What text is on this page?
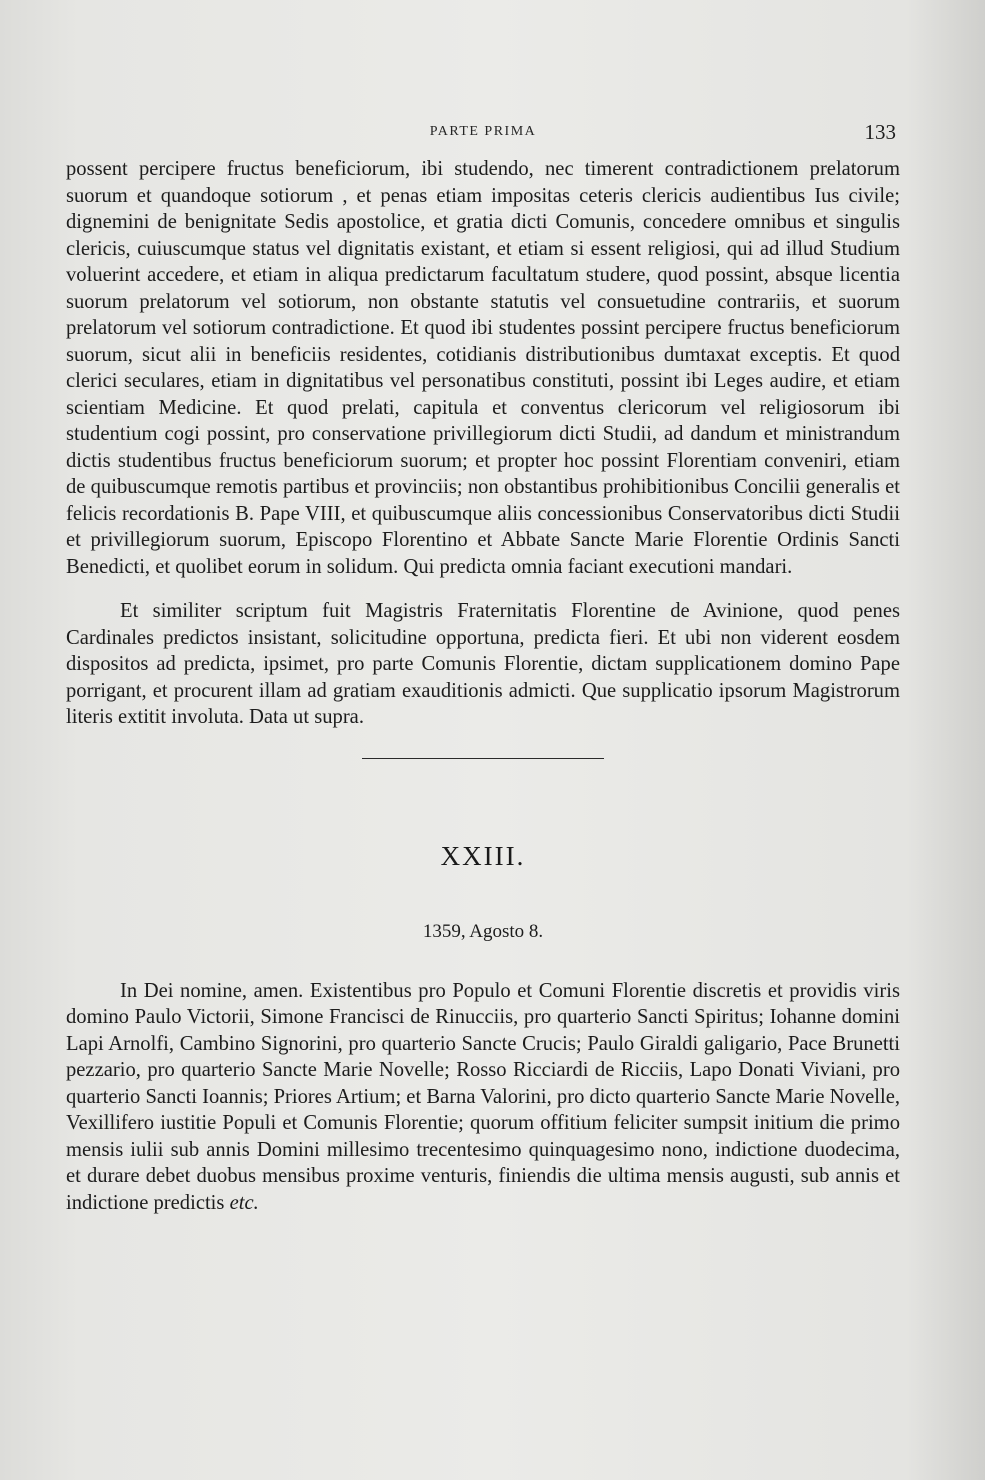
PARTE PRIMA	133

possent percipere fructus beneficiorum, ibi studendo, nec timerent contradictionem prelatorum suorum et quandoque sotiorum , et penas etiam impositas ceteris clericis audientibus Ius civile; dignemini de benignitate Sedis apostolice, et gratia dicti Comunis, concedere omnibus et singulis clericis, cuiuscumque status vel dignitatis existant, et etiam si essent religiosi, qui ad illud Studium voluerint accedere, et etiam in aliqua predictarum facultatum studere, quod possint, absque licentia suorum prelatorum vel sotiorum, non obstante statutis vel consuetudine contrariis, et suorum prelatorum vel sotiorum contradictione. Et quod ibi studentes possint percipere fructus beneficiorum suorum, sicut alii in beneficiis residentes, cotidianis distributionibus dumtaxat exceptis. Et quod clerici seculares, etiam in dignitatibus vel personatibus constituti, possint ibi Leges audire, et etiam scientiam Medicine. Et quod prelati, capitula et conventus clericorum vel religiosorum ibi studentium cogi possint, pro conservatione privillegiorum dicti Studii, ad dandum et ministrandum dictis studentibus fructus beneficiorum suorum; et propter hoc possint Florentiam conveniri, etiam de quibuscumque remotis partibus et provinciis; non obstantibus prohibitionibus Concilii generalis et felicis recordationis B. Pape VIII, et quibuscumque aliis concessionibus Conservatoribus dicti Studii et privillegiorum suorum, Episcopo Florentino et Abbate Sancte Marie Florentie Ordinis Sancti Benedicti, et quolibet eorum in solidum. Qui predicta omnia faciant executioni mandari.

Et similiter scriptum fuit Magistris Fraternitatis Florentine de Avinione, quod penes Cardinales predictos insistant, solicitudine opportuna, predicta fieri. Et ubi non viderent eosdem dispositos ad predicta, ipsimet, pro parte Comunis Florentie, dictam supplicationem domino Pape porrigant, et procurent illam ad gratiam exauditionis admicti. Que supplicatio ipsorum Magistrorum literis extitit involuta. Data ut supra.

XXIII.
1359, Agosto 8.

In Dei nomine, amen. Existentibus pro Populo et Comuni Florentie discretis et providis viris domino Paulo Victorii, Simone Francisci de Rinucciis, pro quarterio Sancti Spiritus; Iohanne domini Lapi Arnolfi, Cambino Signorini, pro quarterio Sancte Crucis; Paulo Giraldi galigario, Pace Brunetti pezzario, pro quarterio Sancte Marie Novelle; Rosso Ricciardi de Ricciis, Lapo Donati Viviani, pro quarterio Sancti Ioannis; Priores Artium; et Barna Valorini, pro dicto quarterio Sancte Marie Novelle, Vexillifero iustitie Populi et Comunis Florentie; quorum offitium feliciter sumpsit initium die primo mensis iulii sub annis Domini millesimo trecentesimo quinquagesimo nono, indictione duodecima, et durare debet duobus mensibus proxime venturis, finiendis die ultima mensis augusti, sub annis et indictione predictis etc.
